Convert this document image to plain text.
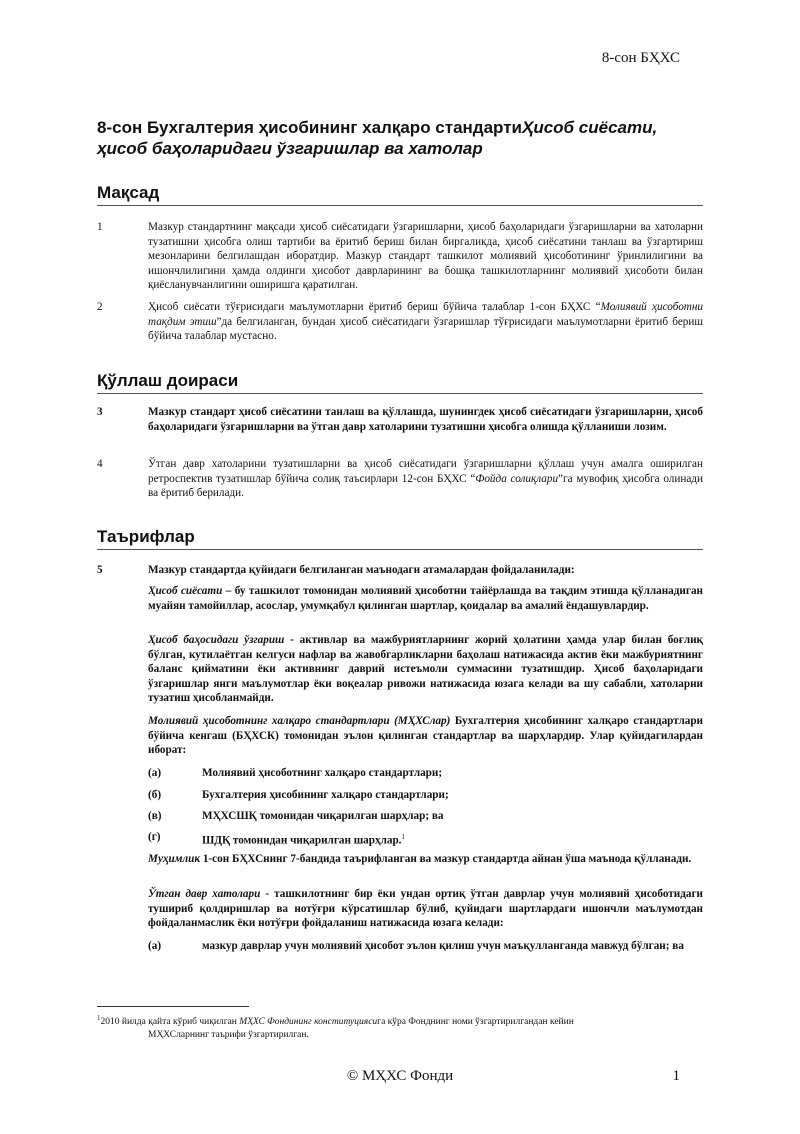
8-сон БҲХС
8-сон Бухгалтерия ҳисобининг халқаро стандартиҲисоб сиёсати, ҳисоб баҳоларидаги ўзгаришлар ва хатолар
Мақсад
1	Мазкур стандартнинг мақсади ҳисоб сиёсатидаги ўзгаришларни, ҳисоб баҳоларидаги ўзгаришларни ва хатоларни тузатишни ҳисобга олиш тартиби ва ёритиб бериш билан биргаликда, ҳисоб сиёсатини танлаш ва ўзгартириш мезонларини белгилашдан иборатдир. Мазкур стандарт ташкилот молиявий ҳисоботининг ўринлилигини ва ишончлилигини ҳамда олдинги ҳисобот даврларининг ва бошқа ташкилотларнинг молиявий ҳисоботи билан қиёсланувчанлигини оширишга қаратилган.
2	Ҳисоб сиёсати тўғрисидаги маълумотларни ёритиб бериш бўйича талаблар 1-сон БҲХС “Молиявий ҳисоботни тақдим этиш”да белгиланган, бундан ҳисоб сиёсатидаги ўзгаришлар тўғрисидаги маълумотларни ёритиб бериш бўйича талаблар мустасно.
Қўллаш доираси
3	Мазкур стандарт ҳисоб сиёсатини танлаш ва қўллашда, шунингдек ҳисоб сиёсатидаги ўзгаришларни, ҳисоб баҳоларидаги ўзгаришларни ва ўтган давр хатоларини тузатишни ҳисобга олишда қўлланиши лозим.
4	Ўтган давр хатоларини тузатишларни ва ҳисоб сиёсатидаги ўзгаришларни қўллаш учун амалга оширилган ретроспектив тузатишлар бўйича солиқ таъсирлари 12-сон БҲХС “Фойда солиқлари”га мувофиқ ҳисобга олинади ва ёритиб берилади.
Таърифлар
5	Мазкур стандартда қуйидаги белгиланган маънодаги атамалардан фойдаланилади:
Ҳисоб сиёсати – бу ташкилот томонидан молиявий ҳисоботни тайёрлашда ва тақдим этишда қўлланадиган муайян тамойиллар, асослар, умумқабул қилинган шартлар, қоидалар ва амалий ёндашувлардир.
Ҳисоб баҳосидаги ўзгариш - активлар ва мажбуриятларнинг жорий ҳолатини ҳамда улар билан боғлиқ бўлган, кутилаётган келгуси нафлар ва жавобгарликларни баҳолаш натижасида актив ёки мажбуриятнинг баланс қийматини ёки активнинг даврий истеъмоли суммасини тузатишдир. Ҳисоб баҳоларидаги ўзгаришлар янги маълумотлар ёки воқеалар ривожи натижасида юзага келади ва шу сабабли, хатоларни тузатиш ҳисобланмайди.
Молиявий ҳисоботнинг халқаро стандартлари (МҲХСлар) Бухгалтерия ҳисобининг халқаро стандартлари бўйича кенгаш (БҲХСК) томонидан эълон қилинган стандартлар ва шарҳлардир. Улар қуйидагилардан иборат:
(а)	Молиявий ҳисоботнинг халқаро стандартлари;
(б)	Бухгалтерия ҳисобининг халқаро стандартлари;
(в)	МҲХСШҚ томонидан чиқарилган шарҳлар; ва
(г)	ШДҚ томонидан чиқарилган шарҳлар.$^1$
Муҳимлик 1-сон БҲХСнинг 7-бандида таърифланган ва мазкур стандартда айнан ўша маънода қўлланади.
Ўтган давр хатолари - ташкилотнинг бир ёки ундан ортиқ ўтган даврлар учун молиявий ҳисоботидаги тушириб қолдиришлар ва нотўғри кўрсатишлар бўлиб, қуйидаги шартлардаги ишончли маълумотдан фойдаланмаслик ёки нотўғри фойдаланиш натижасида юзага келади:
(а)	мазкур даврлар учун молиявий ҳисобот эълон қилиш учун маъқулланганда мавжуд бўлган; ва
$^1$2010 йилда қайта кўриб чиқилган МҲХС Фондининг конституциясига кўра Фонднинг номи ўзгартирилгандан кейин
МҲХСларнинг таърифи ўзгартирилган.
© МҲХС Фонди	1
